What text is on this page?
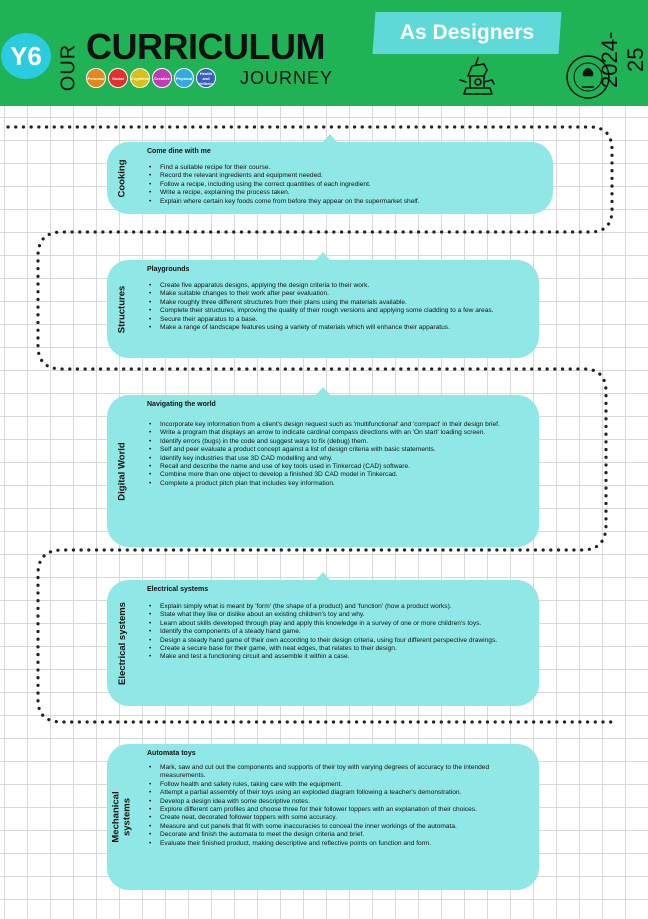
Y6 OUR CURRICULUM
Personal	Social	Cognitive	Creative	Physical
Health and Wellbeing JOURNEY
As Designers	2024-25
Cooking
Come dine with me
• Find a suitable recipe for their course.
• Record the relevant ingredients and equipment needed.
• Follow a recipe, including using the correct quantities of each ingredient.
• Write a recipe, explaining the process taken.
• Explain where certain key foods come from before they appear on the supermarket shelf.
Structures
Playgrounds
• Create five apparatus designs, applying the design criteria to their work.
• Make suitable changes to their work after peer evaluation.
• Make roughly three different structures from their plans using the materials available.
• Complete their structures, improving the quality of their rough versions and applying some cladding to a few areas.
• Secure their apparatus to a base.
• Make a range of landscape features using a variety of materials which will enhance their apparatus.
Digital World
Navigating the world
• Incorporate key information from a client's design request such as 'multifunctional' and 'compact' in their design brief.
• Write a program that displays an arrow to indicate cardinal compass directions with an 'On start' loading screen.
• Identify errors (bugs) in the code and suggest ways to fix (debug) them.
• Self and peer evaluate a product concept against a list of design criteria with basic statements.
• Identify key industries that use 3D CAD modelling and why.
• Recall and describe the name and use of key tools used in Tinkercad (CAD) software.
• Combine more than one object to develop a finished 3D CAD model in Tinkercad.
• Complete a product pitch plan that includes key information.
Electrical systems
Electrical systems
• Explain simply what is meant by 'form' (the shape of a product) and 'function' (how a product works).
• State what they like or dislike about an existing children's toy and why.
• Learn about skills developed through play and apply this knowledge in a survey of one or more children's toys.
• Identify the components of a steady hand game.
• Design a steady hand game of their own according to their design criteria, using four different perspective drawings.
• Create a secure base for their game, with neat edges, that relates to their design.
• Make and test a functioning circuit and assemble it within a case.
Mechanical systems
Automata toys
• Mark, saw and cut out the components and supports of their toy with varying degrees of accuracy to the intended measurements.
• Follow health and safety rules, taking care with the equipment.
• Attempt a partial assembly of their toys using an exploded diagram following a teacher's demonstration.
• Develop a design idea with some descriptive notes.
• Explore different cam profiles and choose three for their follower toppers with an explanation of their choices.
• Create neat, decorated follower toppers with some accuracy.
• Measure and cut panels that fit with some inaccuracies to conceal the inner workings of the automata.
• Decorate and finish the automata to meet the design criteria and brief.
• Evaluate their finished product, making descriptive and reflective points on function and form.
